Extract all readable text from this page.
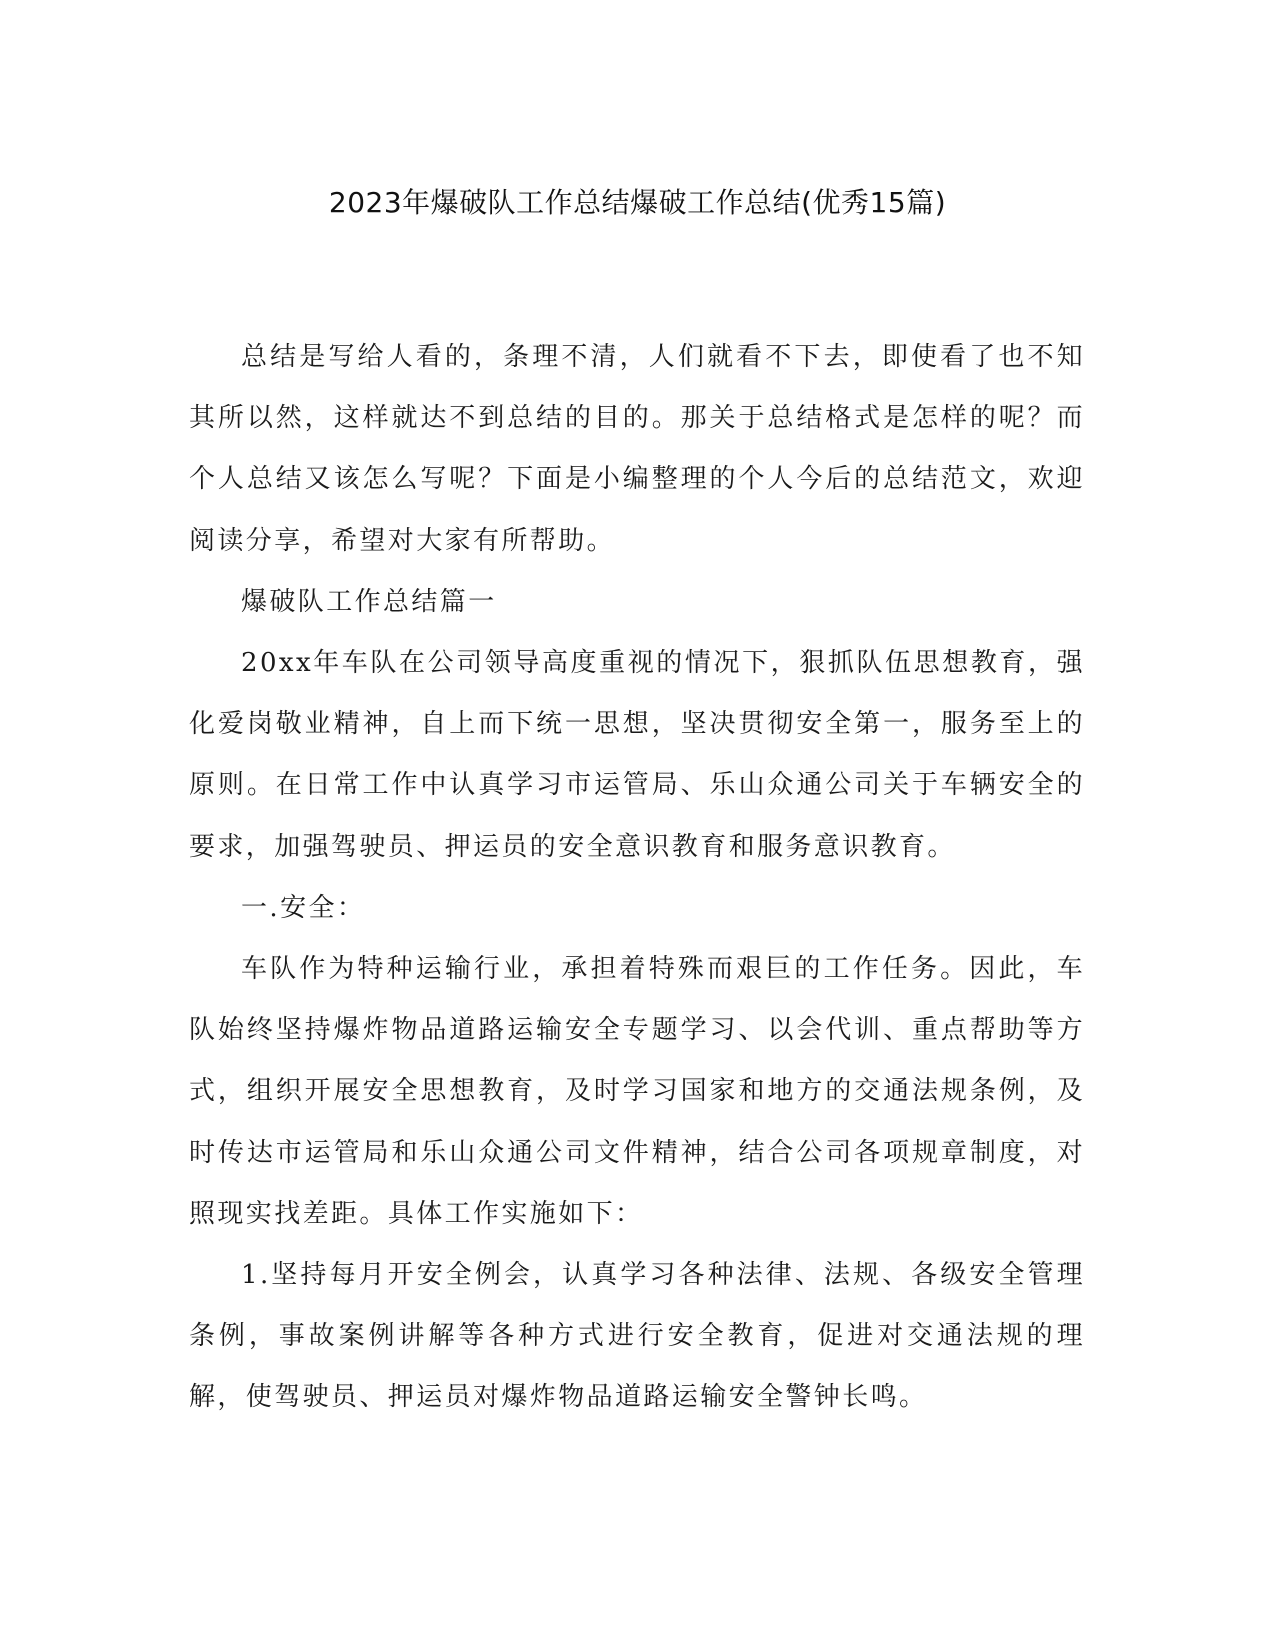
2023年爆破队工作总结爆破工作总结(优秀15篇)

总结是写给人看的，条理不清，人们就看不下去，即使看了也不知其所以然，这样就达不到总结的目的。那关于总结格式是怎样的呢？而个人总结又该怎么写呢？下面是小编整理的个人今后的总结范文，欢迎阅读分享，希望对大家有所帮助。

爆破队工作总结篇一

20xx年车队在公司领导高度重视的情况下，狠抓队伍思想教育，强化爱岗敬业精神，自上而下统一思想，坚决贯彻安全第一，服务至上的原则。在日常工作中认真学习市运管局、乐山众通公司关于车辆安全的要求，加强驾驶员、押运员的安全意识教育和服务意识教育。

一.安全：

车队作为特种运输行业，承担着特殊而艰巨的工作任务。因此，车队始终坚持爆炸物品道路运输安全专题学习、以会代训、重点帮助等方式，组织开展安全思想教育，及时学习国家和地方的交通法规条例，及时传达市运管局和乐山众通公司文件精神，结合公司各项规章制度，对照现实找差距。具体工作实施如下：

1.坚持每月开安全例会，认真学习各种法律、法规、各级安全管理条例，事故案例讲解等各种方式进行安全教育，促进对交通法规的理解，使驾驶员、押运员对爆炸物品道路运输安全警钟长鸣。
